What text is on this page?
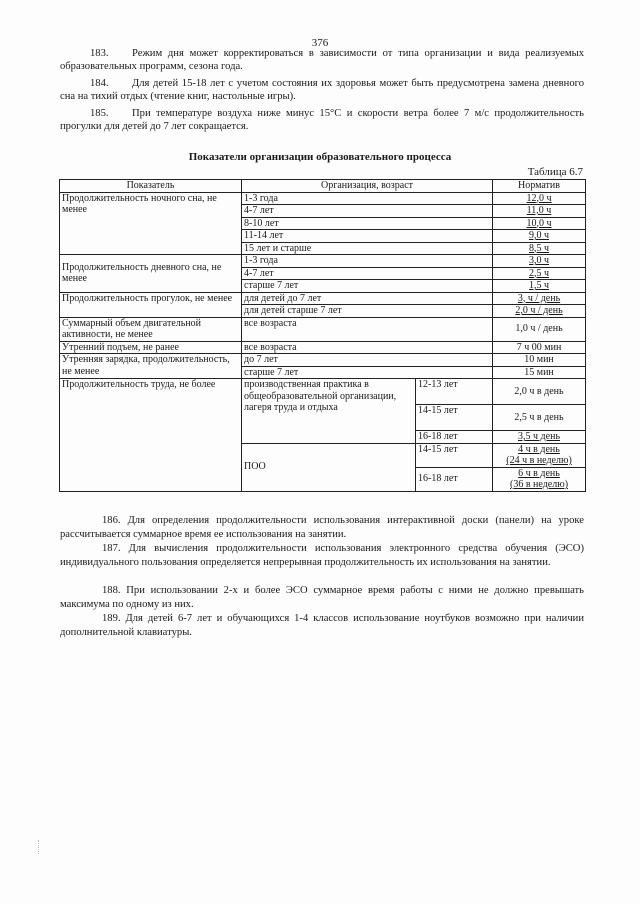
376
183. Режим дня может корректироваться в зависимости от типа организации и вида реализуемых образовательных программ, сезона года.
184. Для детей 15-18 лет с учетом состояния их здоровья может быть предусмотрена замена дневного сна на тихий отдых (чтение книг, настольные игры).
185. При температуре воздуха ниже минус 15°С и скорости ветра более 7 м/с продолжительность прогулки для детей до 7 лет сокращается.
Показатели организации образовательного процесса
Таблица 6.7
Показатель	Организация, возраст		Норматив
Продолжительность ночного сна, не менее	1-3 года		12,0 ч
	4-7 лет		11,0 ч
	8-10 лет		10,0 ч
	11-14 лет		9,0 ч
	15 лет и старше		8,5 ч
Продолжительность дневного сна, не менее	1-3 года		3,0 ч
	4-7 лет		2,5 ч
	старше 7 лет		1,5 ч
Продолжительность прогулок, не менее	для детей до 7 лет		3, ч / день
	для детей старше 7 лет		2,0 ч / день
Суммарный объем двигательной активности, не менее	все возраста		1,0 ч / день
Утренний подъем, не ранее	все возраста		7 ч 00 мин
Утренняя зарядка, продолжительность, не менее	до 7 лет		10 мин
	старше 7 лет		15 мин
Продолжительность труда, не более	производственная практика в общеобразовательной организации, лагеря труда и отдыха	12-13 лет	2,0 ч в день
		14-15 лет	2,5 ч в день
		16-18 лет	3,5 ч день
	ПОО	14-15 лет	4 ч в день
(24 ч в неделю)
		16-18 лет	6 ч в день
(36 в неделю)
186. Для определения продолжительности использования интерактивной доски (панели) на уроке рассчитывается суммарное время ее использования на занятии.
187. Для вычисления продолжительности использования электронного средства обучения (ЭСО) индивидуального пользования определяется непрерывная продолжительность их использования на занятии.
188. При использовании 2-х и более ЭСО суммарное время работы с ними не должно превышать максимума по одному из них.
189. Для детей 6-7 лет и обучающихся 1-4 классов использование ноутбуков возможно при наличии дополнительной клавиатуры.
